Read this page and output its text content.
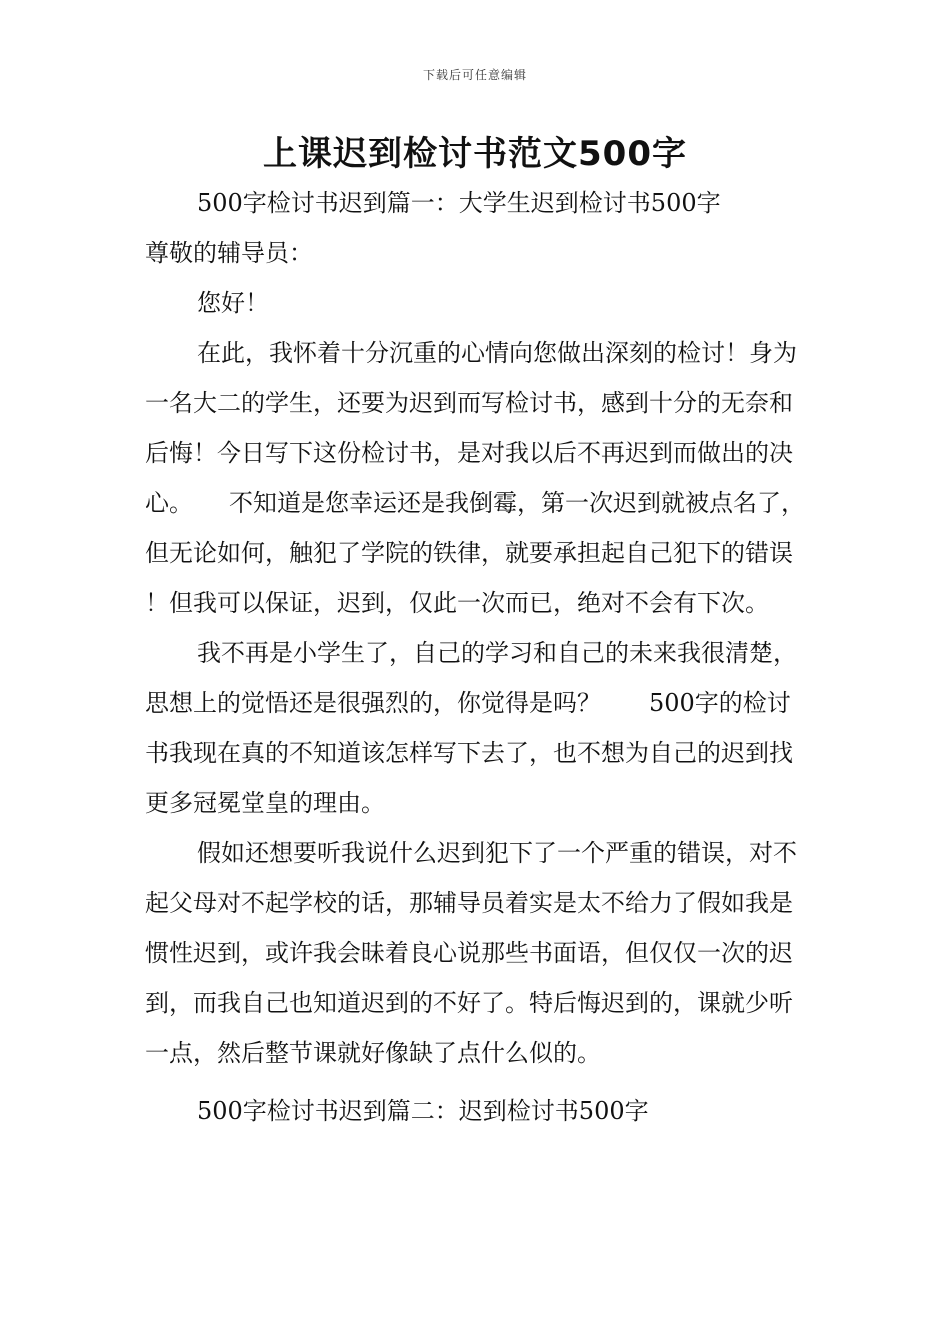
下载后可任意编辑
上课迟到检讨书范文500字

500字检讨书迟到篇一：大学生迟到检讨书500字

尊敬的辅导员：

您好！

在此，我怀着十分沉重的心情向您做出深刻的检讨！身为一名大二的学生，还要为迟到而写检讨书，感到十分的无奈和后悔！今日写下这份检讨书，是对我以后不再迟到而做出的决心。　　不知道是您幸运还是我倒霉，第一次迟到就被点名了，但无论如何，触犯了学院的铁律，就要承担起自己犯下的错误！但我可以保证，迟到，仅此一次而已，绝对不会有下次。

我不再是小学生了，自己的学习和自己的未来我很清楚，思想上的觉悟还是很强烈的，你觉得是吗？　　500字的检讨书我现在真的不知道该怎样写下去了，也不想为自己的迟到找更多冠冕堂皇的理由。

假如还想要听我说什么迟到犯下了一个严重的错误，对不起父母对不起学校的话，那辅导员着实是太不给力了假如我是惯性迟到，或许我会昧着良心说那些书面语，但仅仅一次的迟到，而我自己也知道迟到的不好了。特后悔迟到的，课就少听一点，然后整节课就好像缺了点什么似的。

500字检讨书迟到篇二：迟到检讨书500字
